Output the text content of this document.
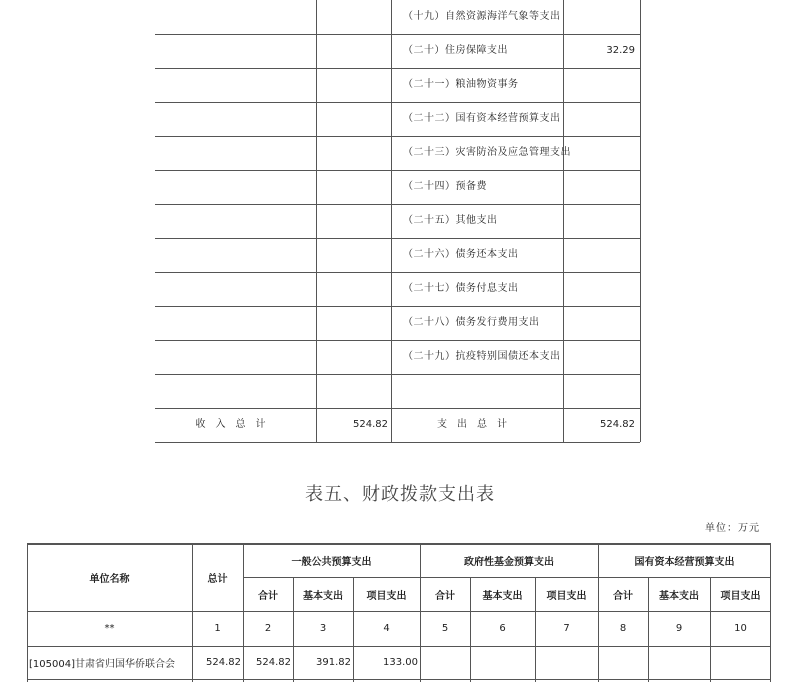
（十九）自然资源海洋气象等支出
（二十）住房保障支出	32.29
（二十一）粮油物资事务
（二十二）国有资本经营预算支出
（二十三）灾害防治及应急管理支出
（二十四）预备费
（二十五）其他支出
（二十六）债务还本支出
（二十七）债务付息支出
（二十八）债务发行费用支出
（二十九）抗疫特别国债还本支出
收入总计	524.82	支出总计	524.82
表五、财政拨款支出表
单位：万元
单位名称	总计
一般公共预算支出	政府性基金预算支出	国有资本经营预算支出
合计	基本支出	项目支出	合计	基本支出	项目支出	合计	基本支出	项目支出
**	1	2	3	4	5	6	7	8	9	10
[105004]甘肃省归国华侨联合会	524.82	524.82	391.82	133.00
